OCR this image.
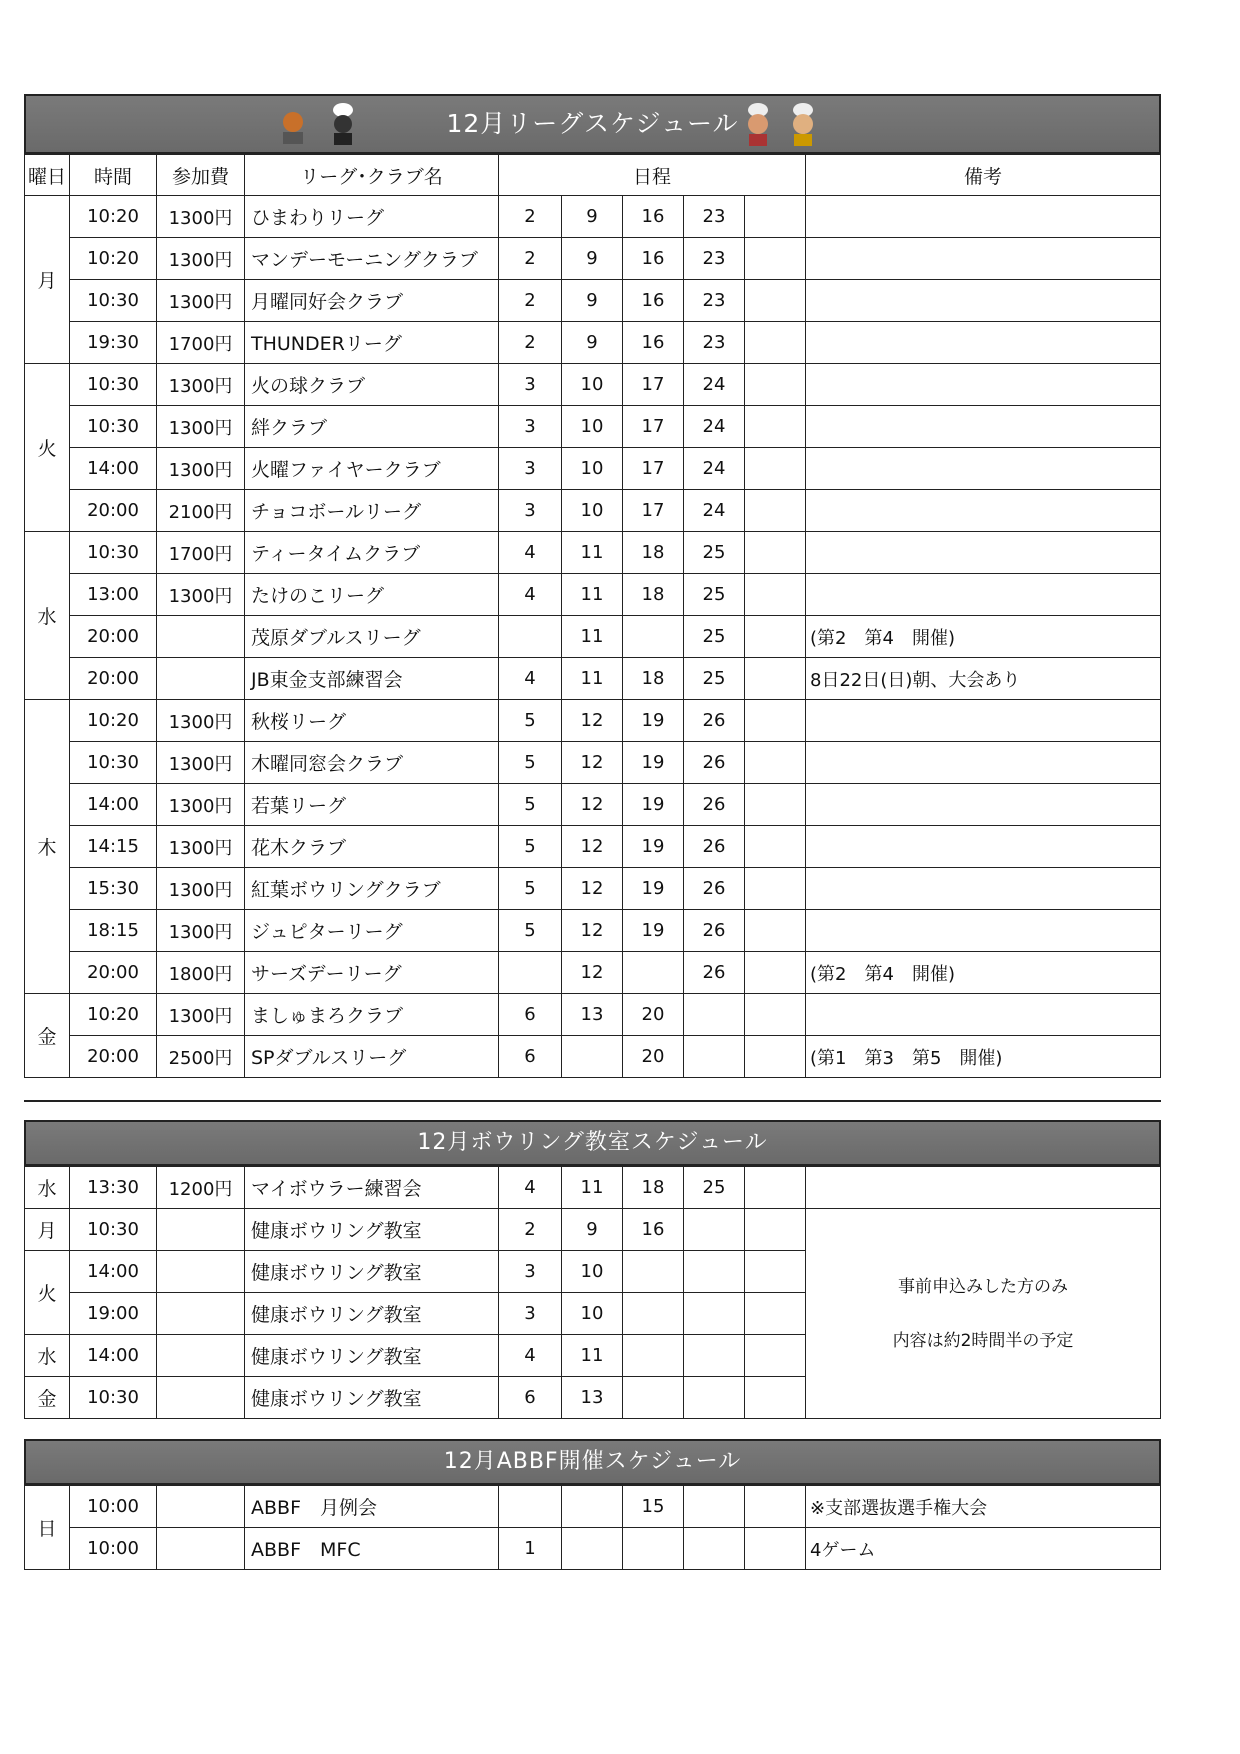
12月リーグスケジュール
曜日	時間	参加費	リーグ･クラブ名	日程					備考
月	10:20	1300円	ひまわりリーグ	2	9	16	23		
	10:20	1300円	マンデーモーニングクラブ	2	9	16	23		
	10:30	1300円	月曜同好会クラブ	2	9	16	23		
	19:30	1700円	THUNDERリーグ	2	9	16	23		
火	10:30	1300円	火の球クラブ	3	10	17	24		
	10:30	1300円	絆クラブ	3	10	17	24		
	14:00	1300円	火曜ファイヤークラブ	3	10	17	24		
	20:00	2100円	チョコボールリーグ	3	10	17	24		
水	10:30	1700円	ティータイムクラブ	4	11	18	25		
	13:00	1300円	たけのこリーグ	4	11	18	25		
	20:00		茂原ダブルスリーグ		11		25		(第2　第4　開催)
	20:00		JB東金支部練習会	4	11	18	25		8日22日(日)朝、大会あり
木	10:20	1300円	秋桜リーグ	5	12	19	26		
	10:30	1300円	木曜同窓会クラブ	5	12	19	26		
	14:00	1300円	若葉リーグ	5	12	19	26		
	14:15	1300円	花木クラブ	5	12	19	26		
	15:30	1300円	紅葉ボウリングクラブ	5	12	19	26		
	18:15	1300円	ジュピターリーグ	5	12	19	26		
	20:00	1800円	サーズデーリーグ		12		26		(第2　第4　開催)
金	10:20	1300円	ましゅまろクラブ	6	13	20			
	20:00	2500円	SPダブルスリーグ	6		20			(第1　第3　第5　開催)
12月ボウリング教室スケジュール
水	13:30	1200円	マイボウラー練習会	4	11	18	25		
月	10:30		健康ボウリング教室	2	9	16			事前申込みした方のみ
内容は約2時間半の予定

火	14:00		健康ボウリング教室	3	10				
	19:00		健康ボウリング教室	3	10				
水	14:00		健康ボウリング教室	4	11				
金	10:30		健康ボウリング教室	6	13				
12月ABBF開催スケジュール
日	10:00		ABBF　月例会			15			※支部選抜選手権大会
	10:00		ABBF　MFC	1					4ゲーム
